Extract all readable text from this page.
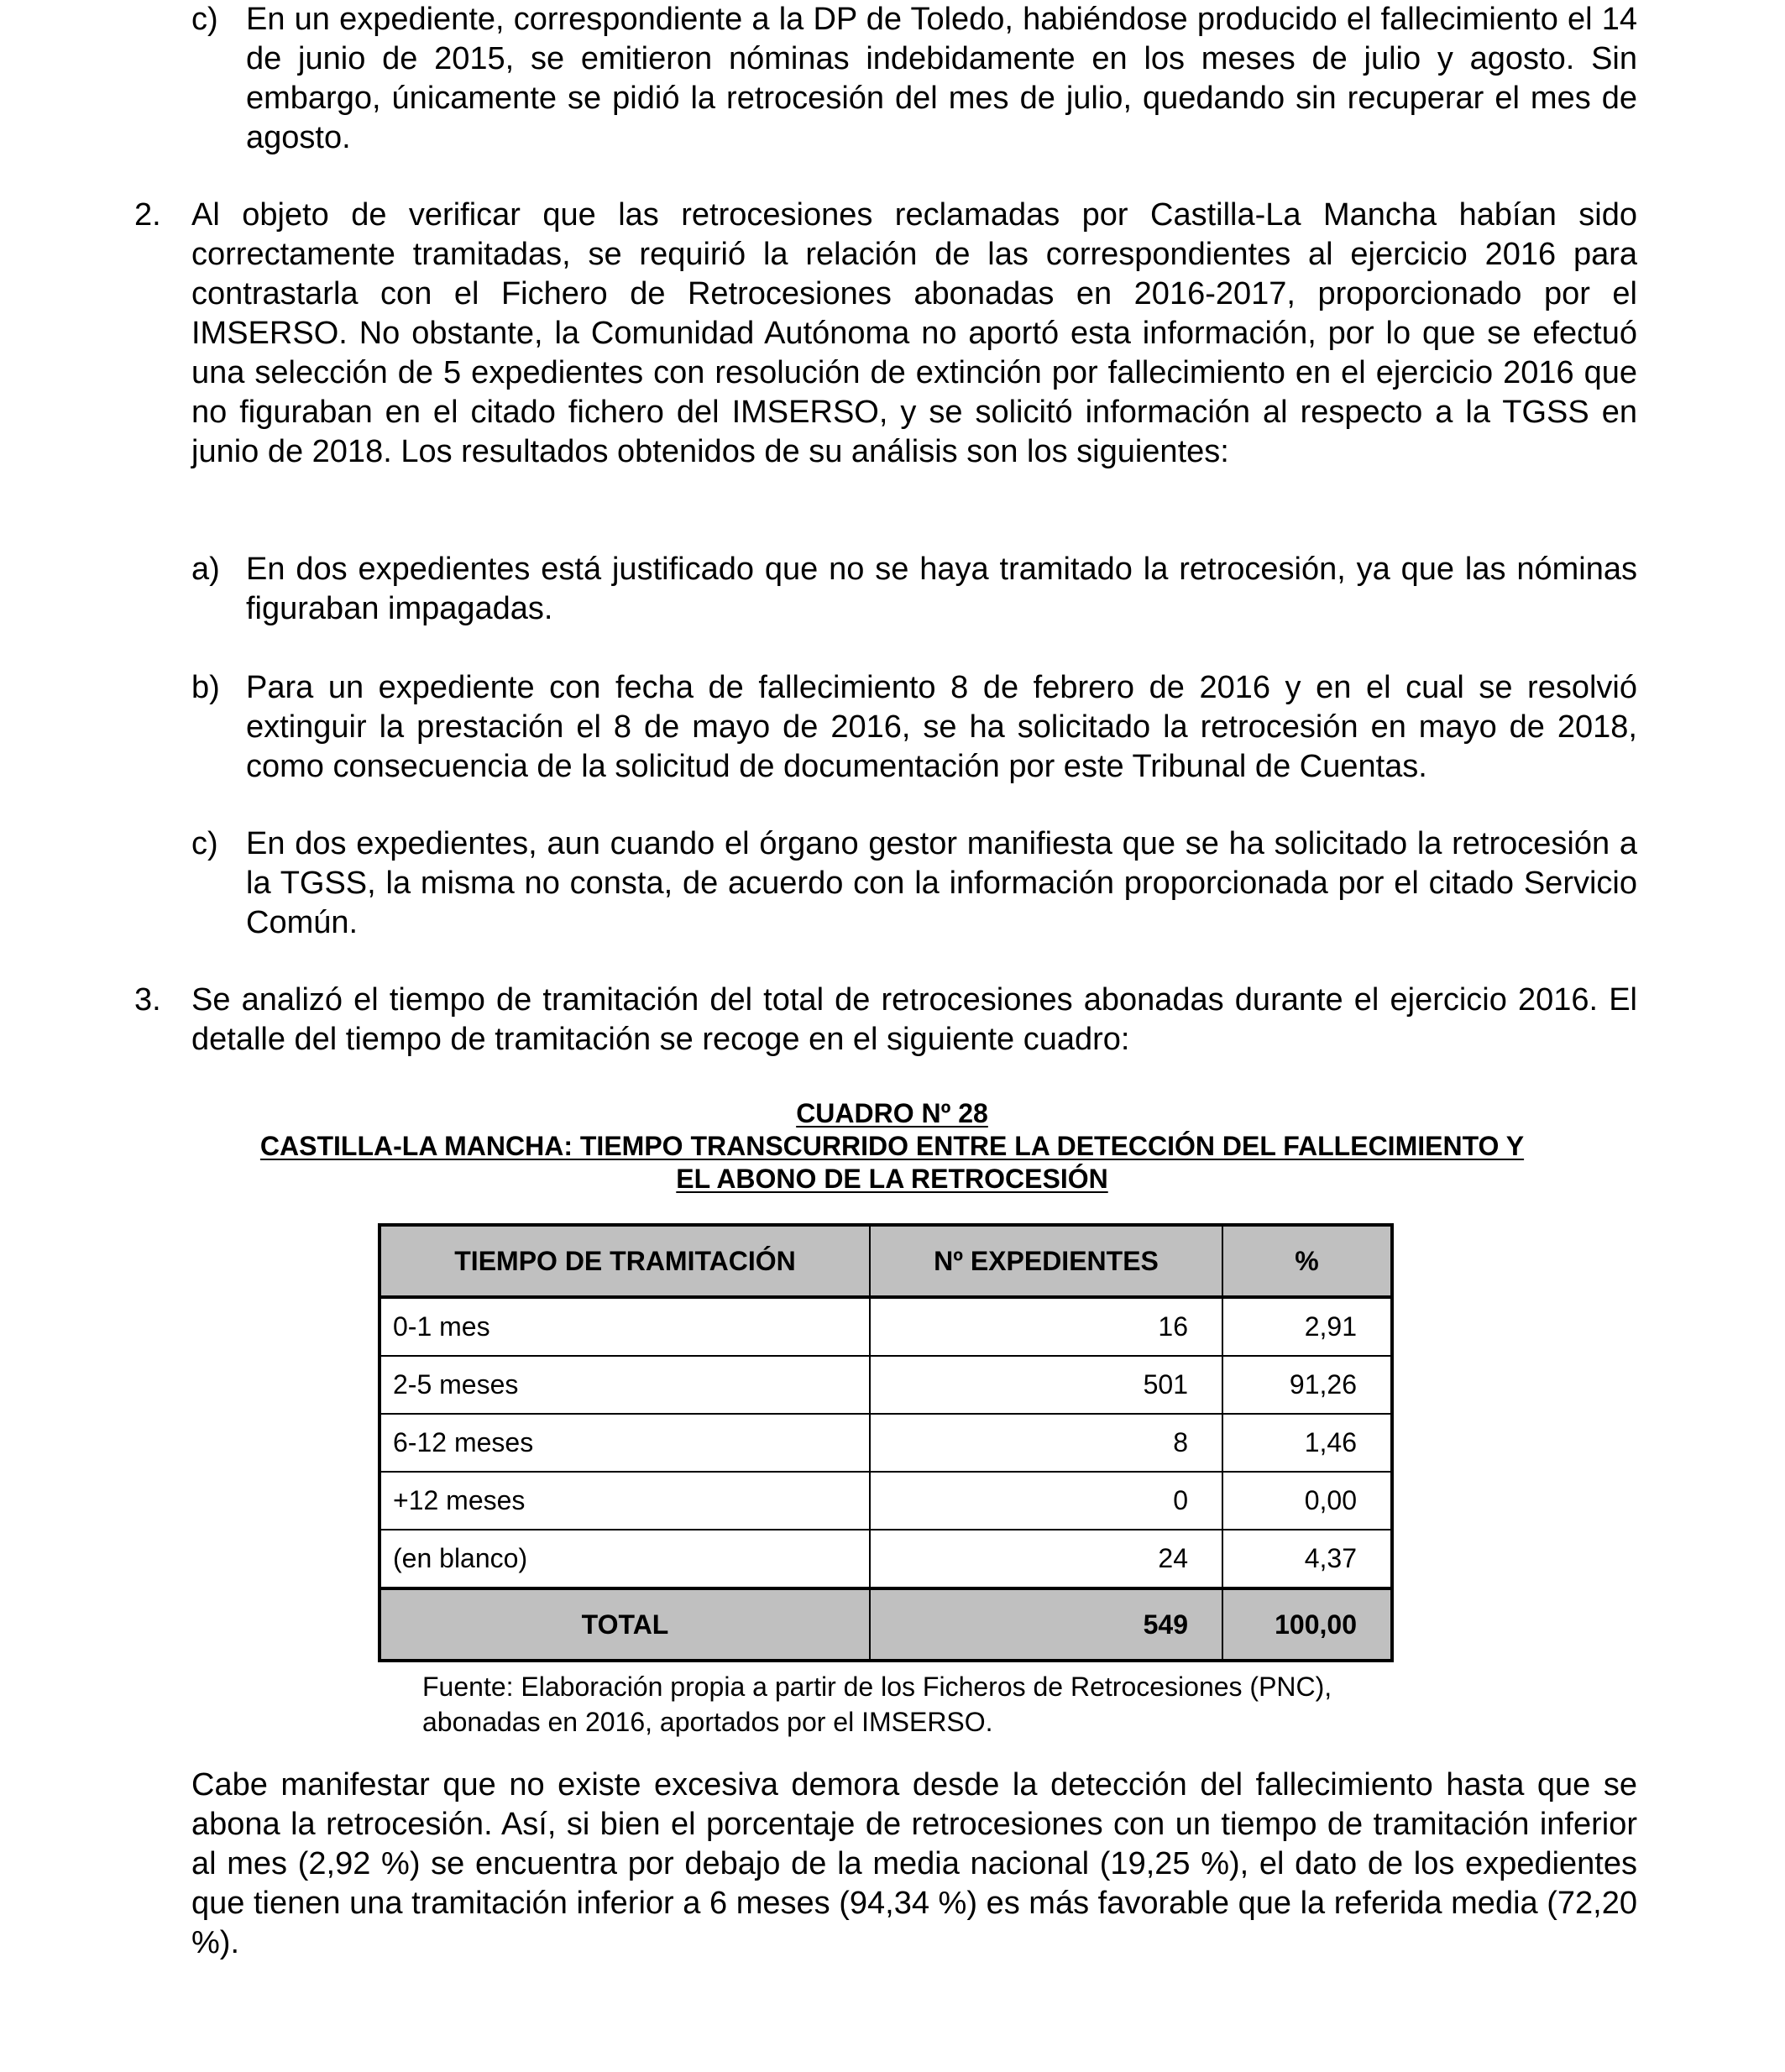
c) En un expediente, correspondiente a la DP de Toledo, habiéndose producido el fallecimiento el 14 de junio de 2015, se emitieron nóminas indebidamente en los meses de julio y agosto. Sin embargo, únicamente se pidió la retrocesión del mes de julio, quedando sin recuperar el mes de agosto.

2. Al objeto de verificar que las retrocesiones reclamadas por Castilla-La Mancha habían sido correctamente tramitadas, se requirió la relación de las correspondientes al ejercicio 2016 para contrastarla con el Fichero de Retrocesiones abonadas en 2016-2017, proporcionado por el IMSERSO. No obstante, la Comunidad Autónoma no aportó esta información, por lo que se efectuó una selección de 5 expedientes con resolución de extinción por fallecimiento en el ejercicio 2016 que no figuraban en el citado fichero del IMSERSO, y se solicitó información al respecto a la TGSS en junio de 2018. Los resultados obtenidos de su análisis son los siguientes:

a) En dos expedientes está justificado que no se haya tramitado la retrocesión, ya que las nóminas figuraban impagadas.

b) Para un expediente con fecha de fallecimiento 8 de febrero de 2016 y en el cual se resolvió extinguir la prestación el 8 de mayo de 2016, se ha solicitado la retrocesión en mayo de 2018, como consecuencia de la solicitud de documentación por este Tribunal de Cuentas.

c) En dos expedientes, aun cuando el órgano gestor manifiesta que se ha solicitado la retrocesión a la TGSS, la misma no consta, de acuerdo con la información proporcionada por el citado Servicio Común.

3. Se analizó el tiempo de tramitación del total de retrocesiones abonadas durante el ejercicio 2016. El detalle del tiempo de tramitación se recoge en el siguiente cuadro:

CUADRO Nº 28

CASTILLA-LA MANCHA: TIEMPO TRANSCURRIDO ENTRE LA DETECCIÓN DEL FALLECIMIENTO Y

EL ABONO DE LA RETROCESIÓN

TIEMPO DE TRAMITACIÓN	Nº EXPEDIENTES	%
0-1 mes	16	2,91
2-5 meses	501	91,26
6-12 meses	8	1,46
+12 meses	0	0,00
(en blanco)	24	4,37
TOTAL	549	100,00
Fuente: Elaboración propia a partir de los Ficheros de Retrocesiones (PNC),
abonadas en 2016, aportados por el IMSERSO.

Cabe manifestar que no existe excesiva demora desde la detección del fallecimiento hasta que se abona la retrocesión. Así, si bien el porcentaje de retrocesiones con un tiempo de tramitación inferior al mes (2,92 %) se encuentra por debajo de la media nacional (19,25 %), el dato de los expedientes que tienen una tramitación inferior a 6 meses (94,34 %) es más favorable que la referida media (72,20 %).
